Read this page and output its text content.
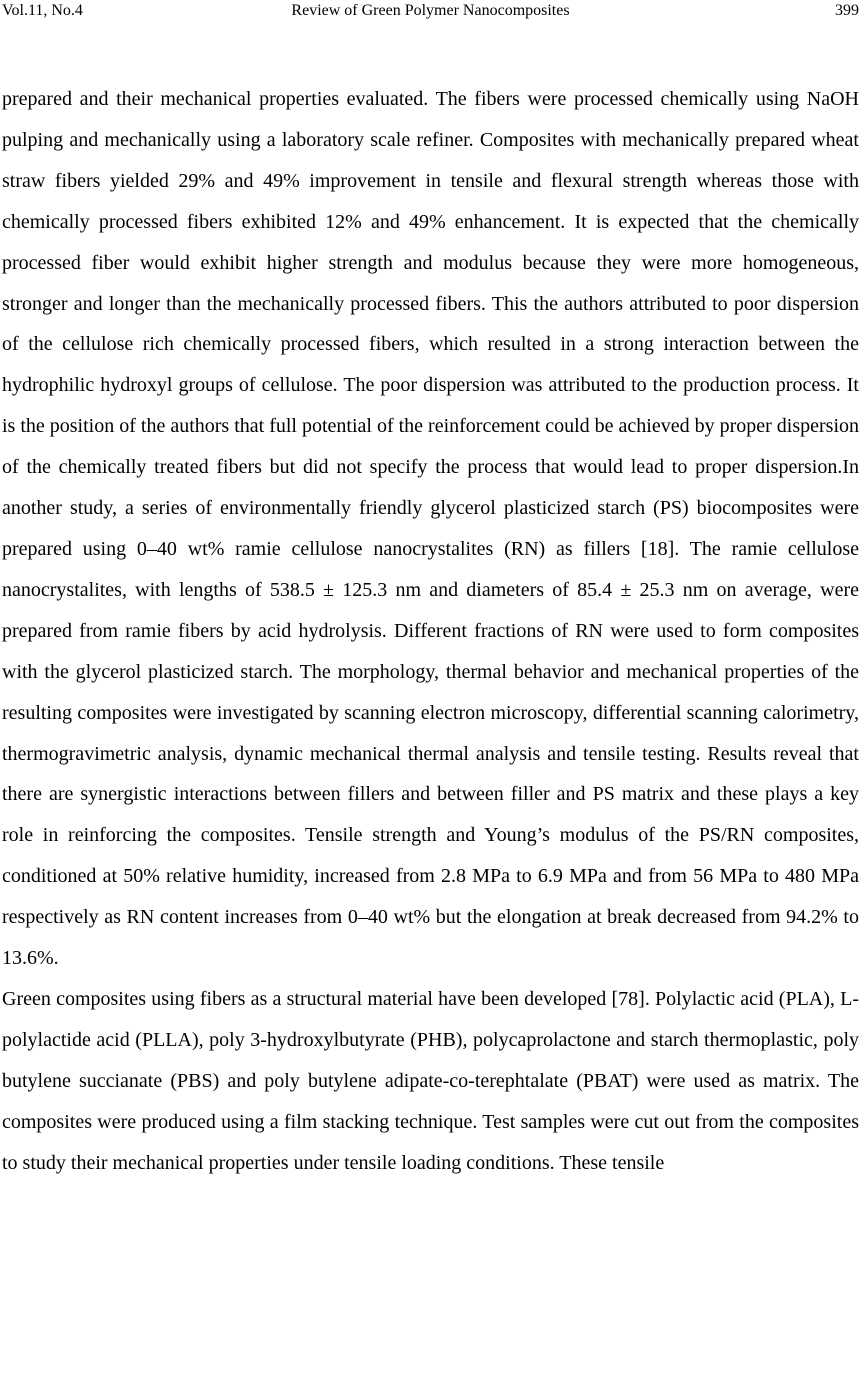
Vol.11, No.4	Review of Green Polymer Nanocomposites	399

prepared and their mechanical properties evaluated. The fibers were processed chemically using NaOH pulping and mechanically using a laboratory scale refiner. Composites with mechanically prepared wheat straw fibers yielded 29% and 49% improvement in tensile and flexural strength whereas those with chemically processed fibers exhibited 12% and 49% enhancement. It is expected that the chemically processed fiber would exhibit higher strength and modulus because they were more homogeneous, stronger and longer than the mechanically processed fibers. This the authors attributed to poor dispersion of the cellulose rich chemically processed fibers, which resulted in a strong interaction between the hydrophilic hydroxyl groups of cellulose. The poor dispersion was attributed to the production process. It is the position of the authors that full potential of the reinforcement could be achieved by proper dispersion of the chemically treated fibers but did not specify the process that would lead to proper dispersion.In another study, a series of environmentally friendly glycerol plasticized starch (PS) biocomposites were prepared using 0–40 wt% ramie cellulose nanocrystalites (RN) as fillers [18]. The ramie cellulose nanocrystalites, with lengths of 538.5 ± 125.3 nm and diameters of 85.4 ± 25.3 nm on average, were prepared from ramie fibers by acid hydrolysis. Different fractions of RN were used to form composites with the glycerol plasticized starch. The morphology, thermal behavior and mechanical properties of the resulting composites were investigated by scanning electron microscopy, differential scanning calorimetry, thermogravimetric analysis, dynamic mechanical thermal analysis and tensile testing. Results reveal that there are synergistic interactions between fillers and between filler and PS matrix and these plays a key role in reinforcing the composites. Tensile strength and Young’s modulus of the PS/RN composites, conditioned at 50% relative humidity, increased from 2.8 MPa to 6.9 MPa and from 56 MPa to 480 MPa respectively as RN content increases from 0–40 wt% but the elongation at break decreased from 94.2% to 13.6%.

Green composites using fibers as a structural material have been developed [78]. Polylactic acid (PLA), L-polylactide acid (PLLA), poly 3-hydroxylbutyrate (PHB), polycaprolactone and starch thermoplastic, poly butylene succianate (PBS) and poly butylene adipate-co-terephtalate (PBAT) were used as matrix. The composites were produced using a film stacking technique. Test samples were cut out from the composites to study their mechanical properties under tensile loading conditions. These tensile
